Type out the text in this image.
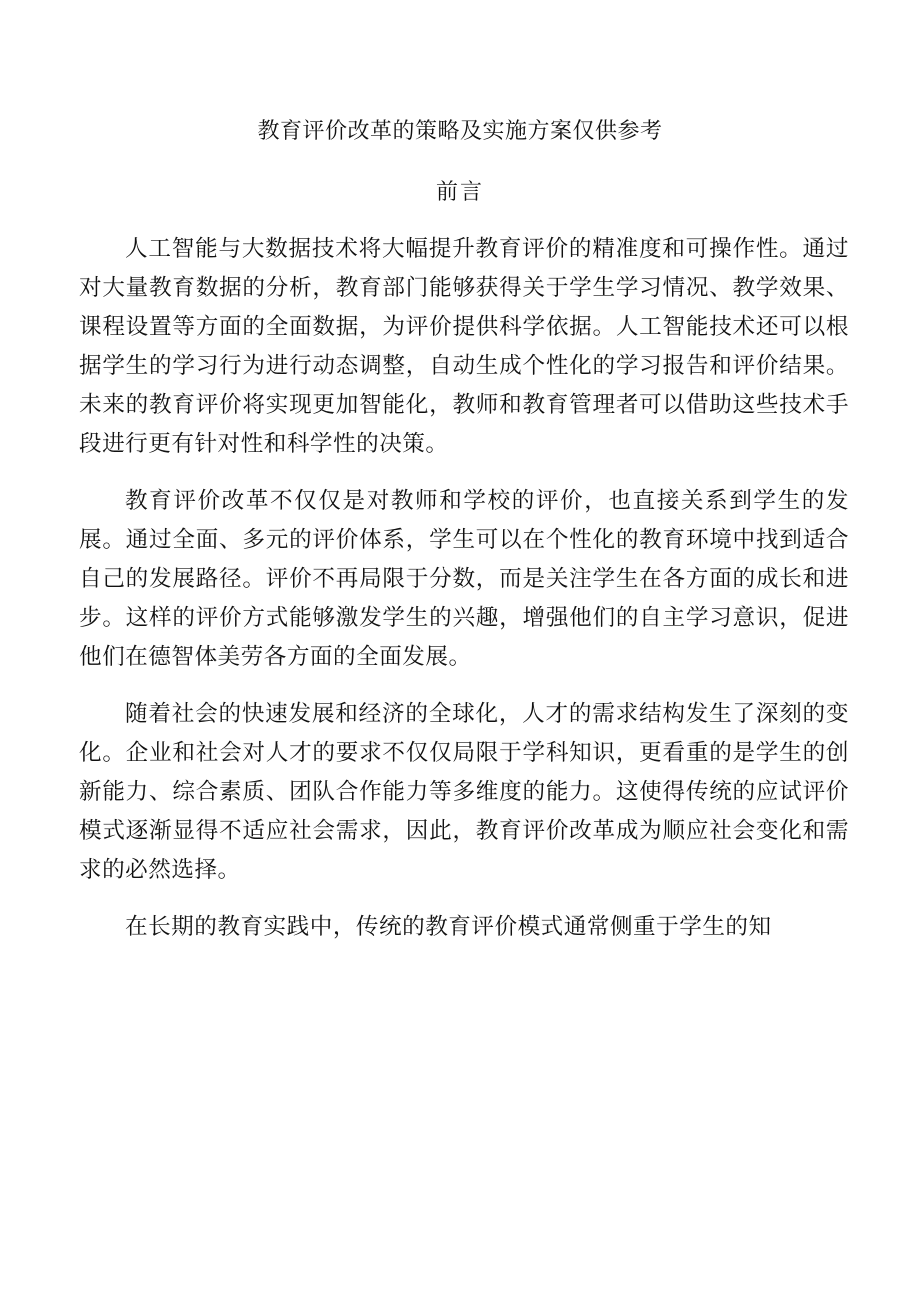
教育评价改革的策略及实施方案仅供参考
前言

人工智能与大数据技术将大幅提升教育评价的精准度和可操作性。通过对大量教育数据的分析，教育部门能够获得关于学生学习情况、教学效果、课程设置等方面的全面数据，为评价提供科学依据。人工智能技术还可以根据学生的学习行为进行动态调整，自动生成个性化的学习报告和评价结果。未来的教育评价将实现更加智能化，教师和教育管理者可以借助这些技术手段进行更有针对性和科学性的决策。

教育评价改革不仅仅是对教师和学校的评价，也直接关系到学生的发展。通过全面、多元的评价体系，学生可以在个性化的教育环境中找到适合自己的发展路径。评价不再局限于分数，而是关注学生在各方面的成长和进步。这样的评价方式能够激发学生的兴趣，增强他们的自主学习意识，促进他们在德智体美劳各方面的全面发展。

随着社会的快速发展和经济的全球化，人才的需求结构发生了深刻的变化。企业和社会对人才的要求不仅仅局限于学科知识，更看重的是学生的创新能力、综合素质、团队合作能力等多维度的能力。这使得传统的应试评价模式逐渐显得不适应社会需求，因此，教育评价改革成为顺应社会变化和需求的必然选择。

在长期的教育实践中，传统的教育评价模式通常侧重于学生的知
